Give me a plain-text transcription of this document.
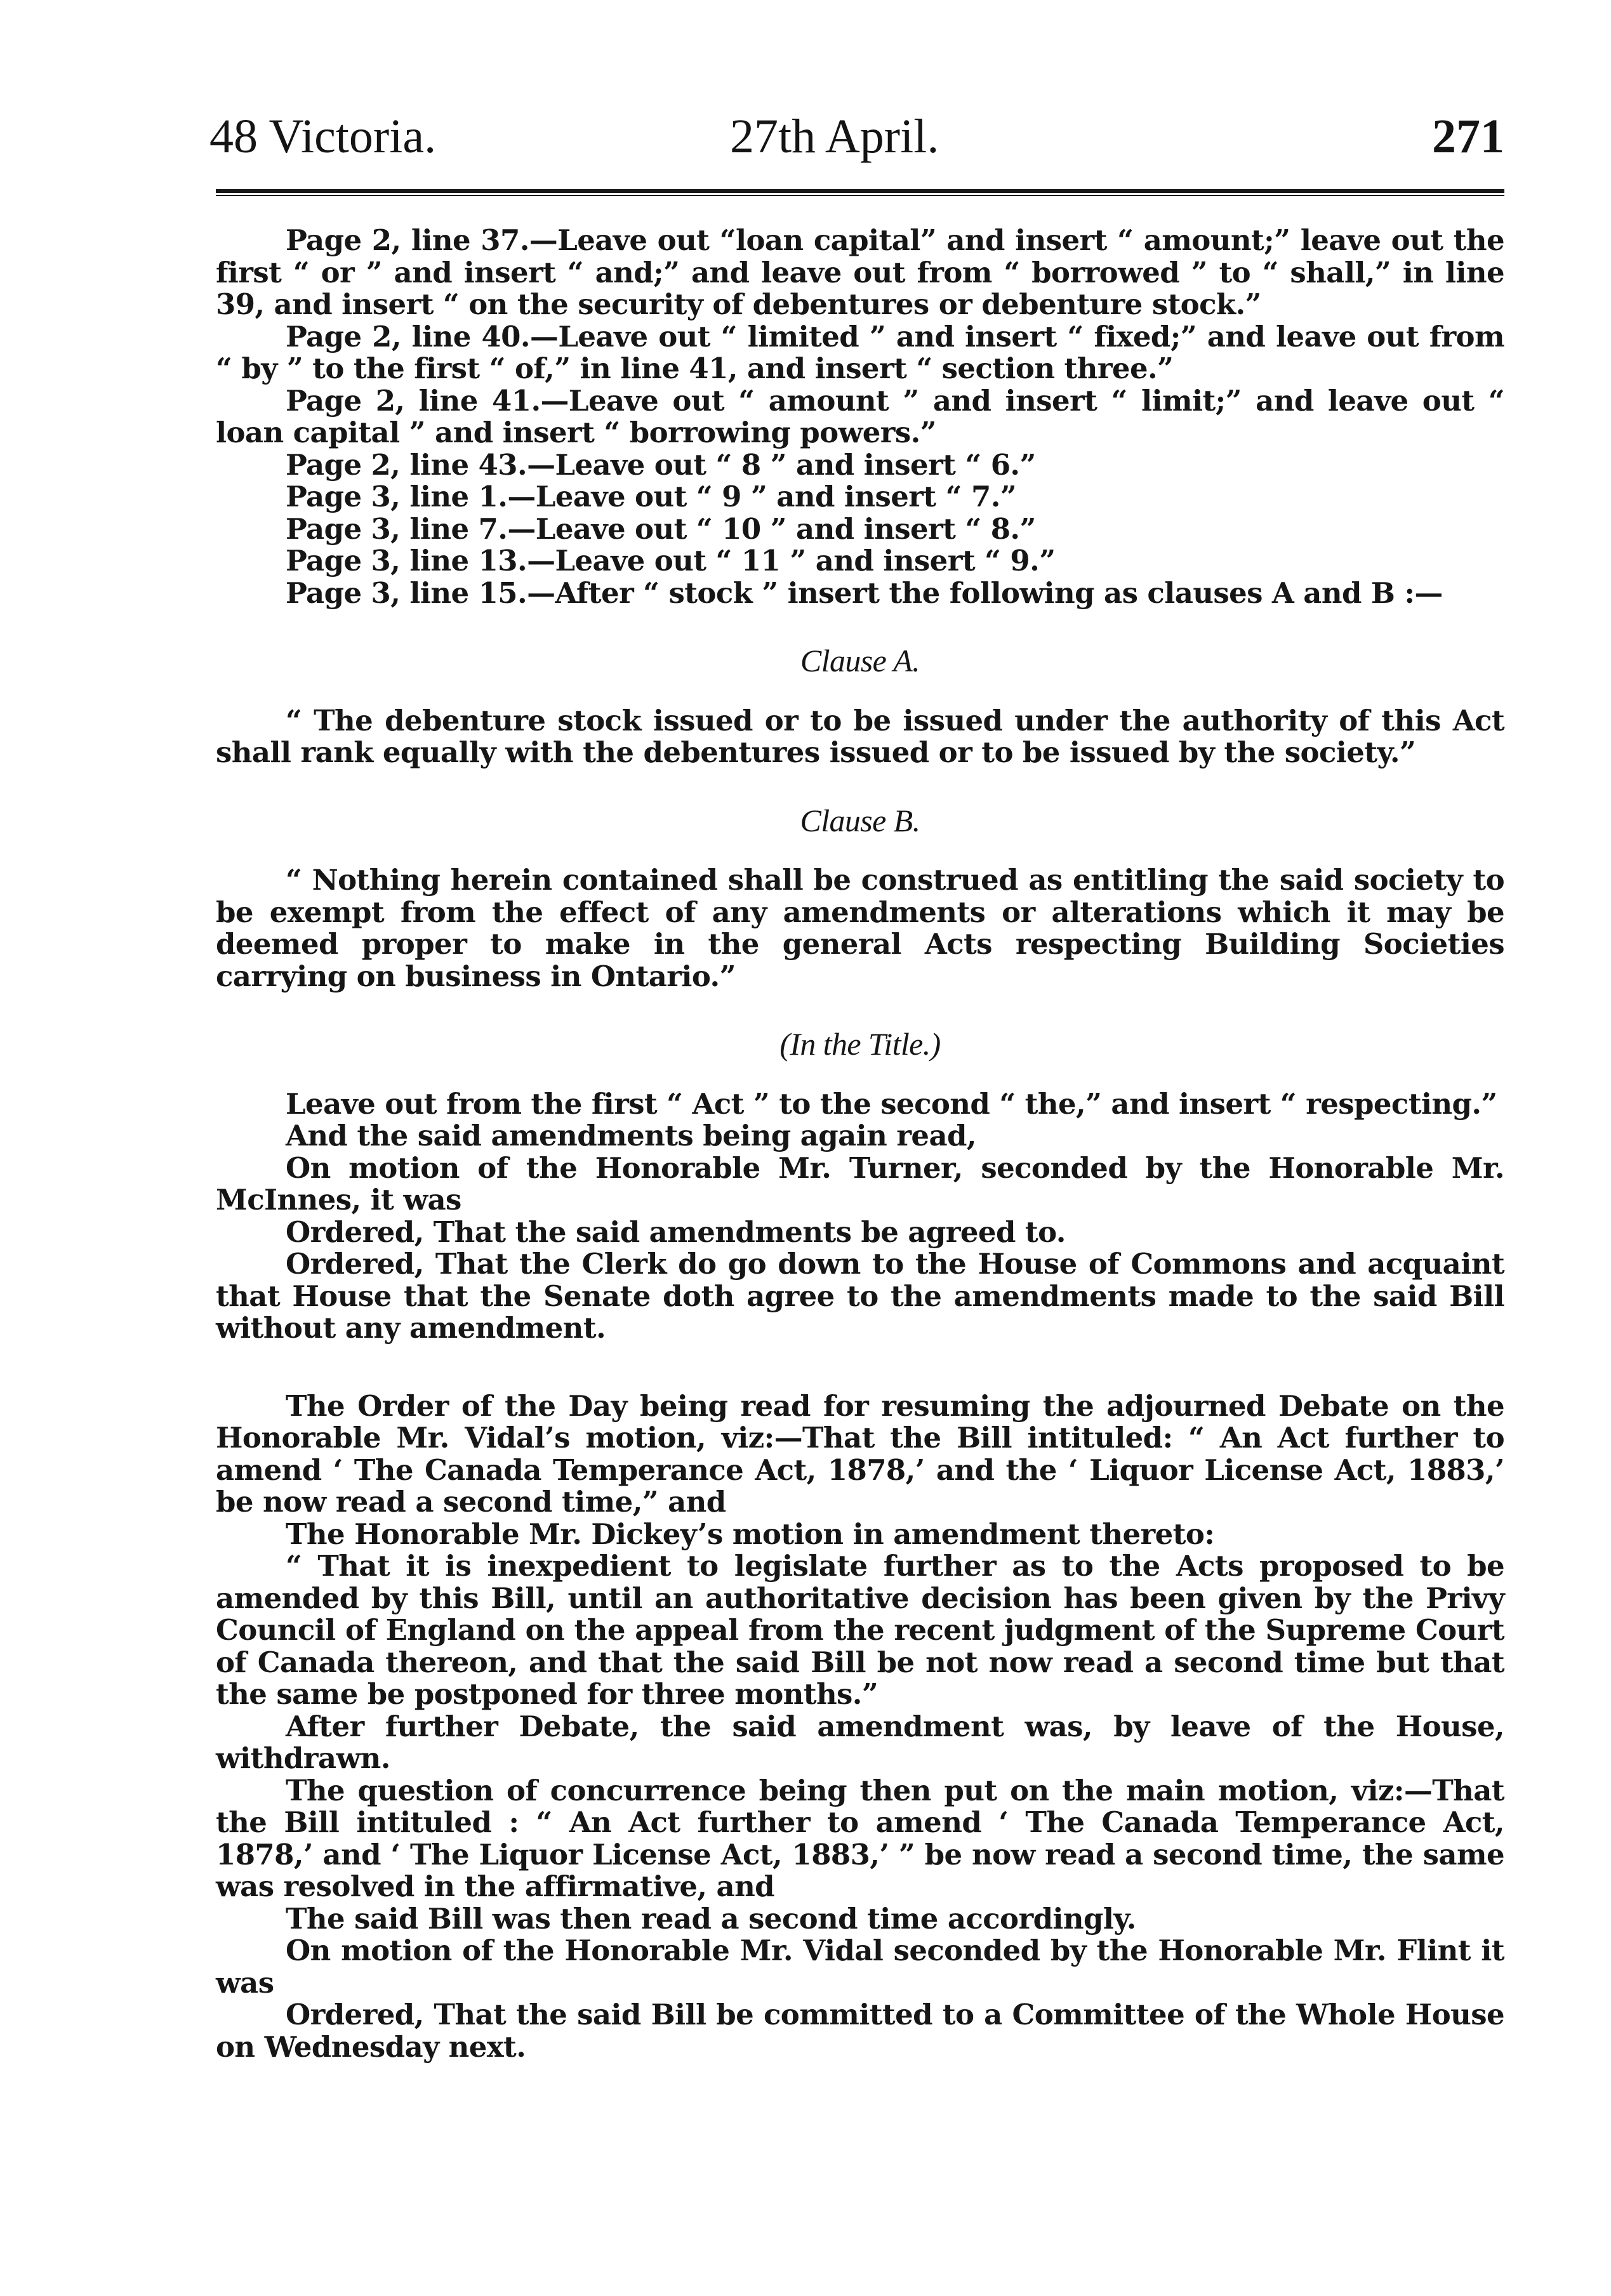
48 Victoria.	27th April.	271

Page 2, line 37.—Leave out “loan capital” and insert “ amount;” leave out the first “ or ” and insert “ and;” and leave out from “ borrowed ” to “ shall,” in line 39, and insert “ on the security of debentures or debenture stock.”

Page 2, line 40.—Leave out “ limited ” and insert “ fixed;” and leave out from “ by ” to the first “ of,” in line 41, and insert “ section three.”

Page 2, line 41.—Leave out “ amount ” and insert “ limit;” and leave out “ loan capital ” and insert “ borrowing powers.”

Page 2, line 43.—Leave out “ 8 ” and insert “ 6.”

Page 3, line 1.—Leave out “ 9 ” and insert “ 7.”

Page 3, line 7.—Leave out “ 10 ” and insert “ 8.”

Page 3, line 13.—Leave out “ 11 ” and insert “ 9.”

Page 3, line 15.—After “ stock ” insert the following as clauses A and B :—

Clause A.

“ The debenture stock issued or to be issued under the authority of this Act shall rank equally with the debentures issued or to be issued by the society.”

Clause B.

“ Nothing herein contained shall be construed as entitling the said society to be exempt from the effect of any amendments or alterations which it may be deemed proper to make in the general Acts respecting Building Societies carrying on business in Ontario.”

(In the Title.)

Leave out from the first “ Act ” to the second “ the,” and insert “ respecting.”

And the said amendments being again read,

On motion of the Honorable Mr. Turner, seconded by the Honorable Mr. McInnes, it was

Ordered, That the said amendments be agreed to.

Ordered, That the Clerk do go down to the House of Commons and acquaint that House that the Senate doth agree to the amendments made to the said Bill without any amendment.

The Order of the Day being read for resuming the adjourned Debate on the Honorable Mr. Vidal’s motion, viz:—That the Bill intituled: “ An Act further to amend ‘ The Canada Temperance Act, 1878,’ and the ‘ Liquor License Act, 1883,’ be now read a second time,” and

The Honorable Mr. Dickey’s motion in amendment thereto:

“ That it is inexpedient to legislate further as to the Acts proposed to be amended by this Bill, until an authoritative decision has been given by the Privy Council of England on the appeal from the recent judgment of the Supreme Court of Canada thereon, and that the said Bill be not now read a second time but that the same be postponed for three months.”

After further Debate, the said amendment was, by leave of the House, withdrawn.

The question of concurrence being then put on the main motion, viz:—That the Bill intituled : “ An Act further to amend ‘ The Canada Temperance Act, 1878,’ and ‘ The Liquor License Act, 1883,’ ” be now read a second time, the same was resolved in the affirmative, and

The said Bill was then read a second time accordingly.

On motion of the Honorable Mr. Vidal seconded by the Honorable Mr. Flint it was

Ordered, That the said Bill be committed to a Committee of the Whole House on Wednesday next.
